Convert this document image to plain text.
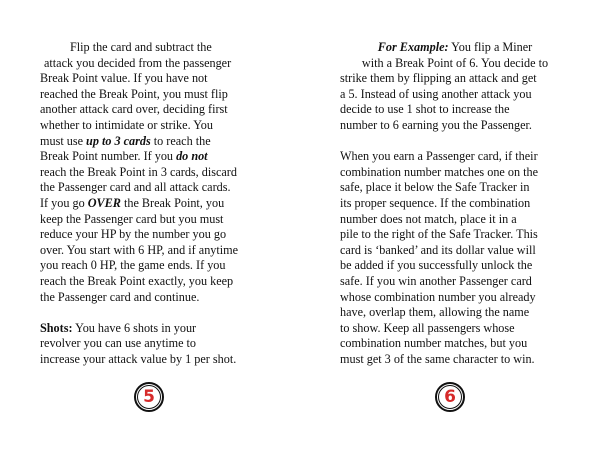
Flip the card and subtract the
attack you decided from the passenger
Break Point value. If you have not
reached the Break Point, you must flip
another attack card over, deciding first
whether to intimidate or strike. You
must use up to 3 cards to reach the
Break Point number. If you do not
reach the Break Point in 3 cards, discard
the Passenger card and all attack cards.
If you go OVER the Break Point, you
keep the Passenger card but you must
reduce your HP by the number you go
over. You start with 6 HP, and if anytime
you reach 0 HP, the game ends. If you
reach the Break Point exactly, you keep
the Passenger card and continue.
Shots: You have 6 shots in your
revolver you can use anytime to
increase your attack value by 1 per shot.
5
For Example: You flip a Miner
with a Break Point of 6. You decide to
strike them by flipping an attack and get
a 5. Instead of using another attack you
decide to use 1 shot to increase the
number to 6 earning you the Passenger.
When you earn a Passenger card, if their
combination number matches one on the
safe, place it below the Safe Tracker in
its proper sequence. If the combination
number does not match, place it in a
pile to the right of the Safe Tracker. This
card is ‘banked’ and its dollar value will
be added if you successfully unlock the
safe. If you win another Passenger card
whose combination number you already
have, overlap them, allowing the name
to show. Keep all passengers whose
combination number matches, but you
must get 3 of the same character to win.
6
